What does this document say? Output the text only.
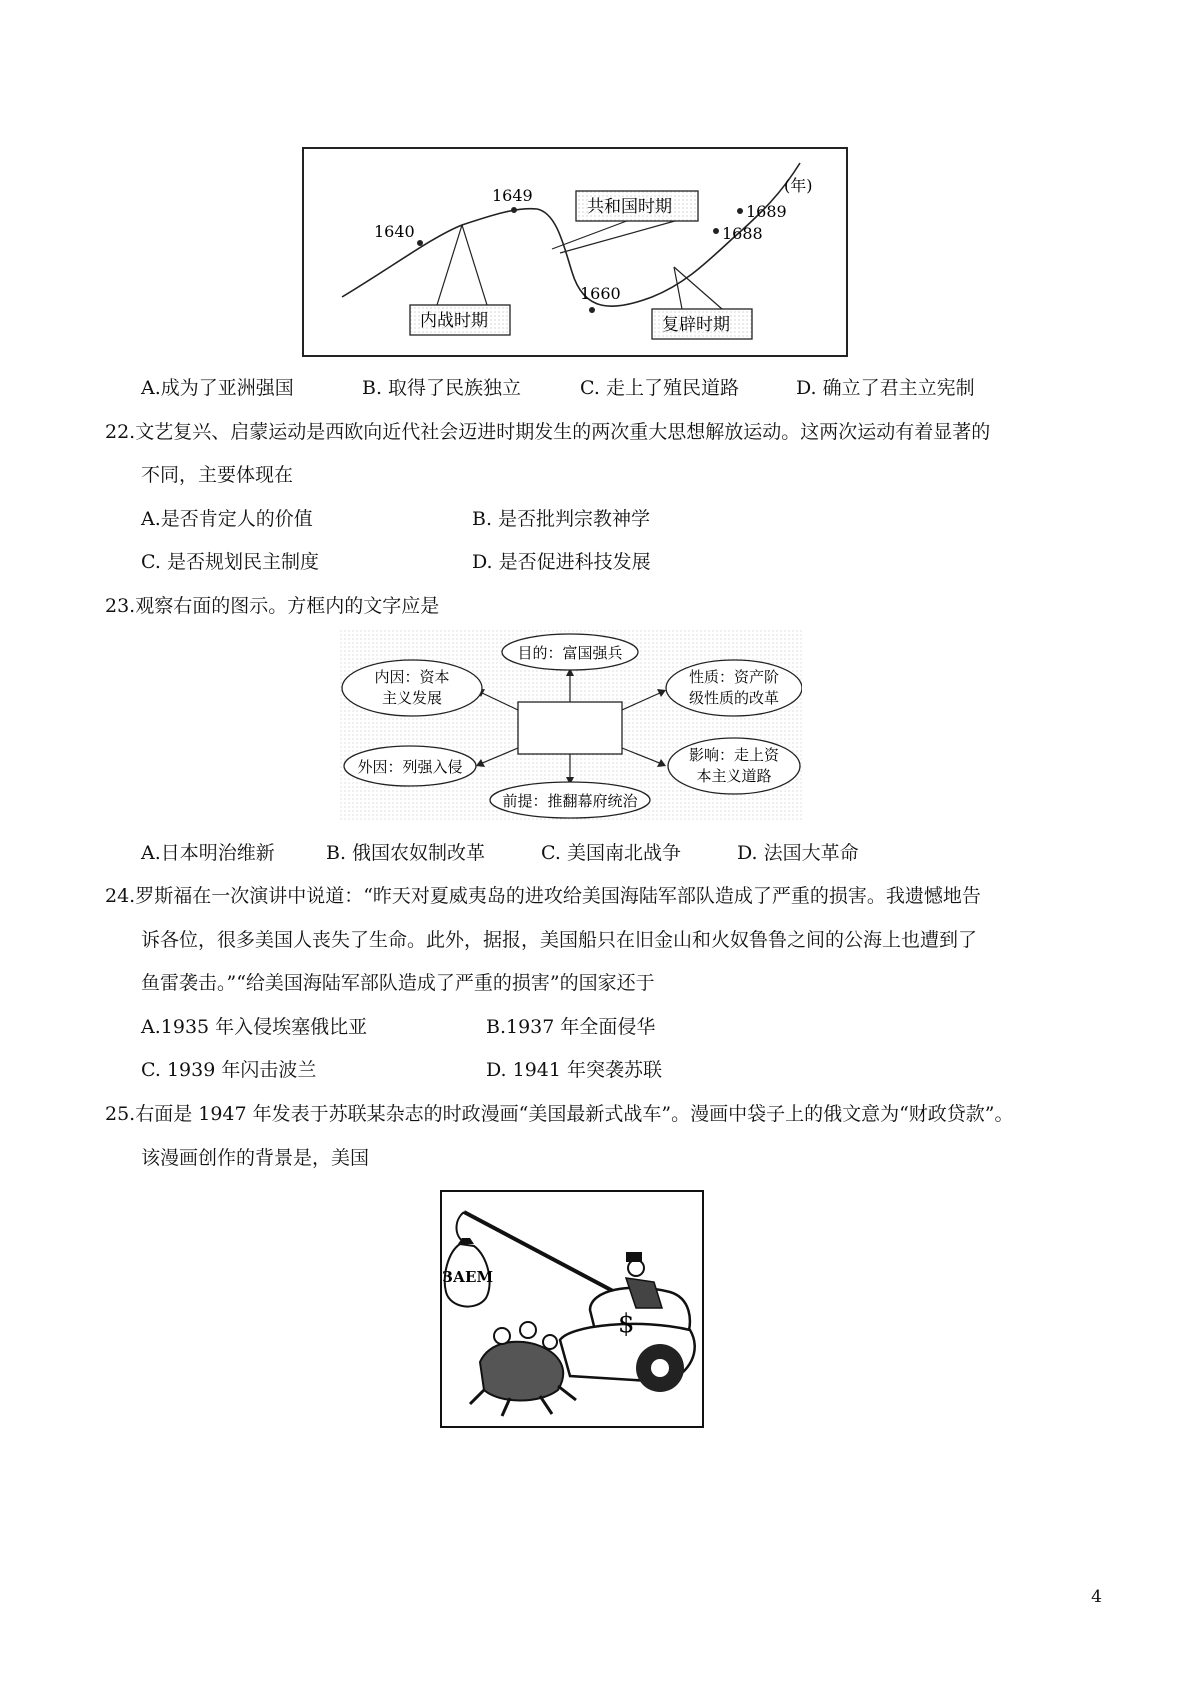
1640
1649
1660
1688
1689
(年)
共和国时期
内战时期	复辟时期
A.成为了亚洲强国	B. 取得了民族独立	C. 走上了殖民道路	D. 确立了君主立宪制
22.文艺复兴、启蒙运动是西欧向近代社会迈进时期发生的两次重大思想解放运动。这两次运动有着显著的
不同，主要体现在
A.是否肯定人的价值	B. 是否批判宗教神学
C. 是否规划民主制度	D. 是否促进科技发展
23.观察右面的图示。方框内的文字应是
目的：富国强兵
内因：资本
主义发展
性质：资产阶
级性质的改革
外因：列强入侵
影响：走上资
本主义道路
前提：推翻幕府统治
A.日本明治维新	B. 俄国农奴制改革	C. 美国南北战争	D. 法国大革命
24.罗斯福在一次演讲中说道：“昨天对夏威夷岛的进攻给美国海陆军部队造成了严重的损害。我遗憾地告
诉各位，很多美国人丧失了生命。此外，据报，美国船只在旧金山和火奴鲁鲁之间的公海上也遭到了
鱼雷袭击。”“给美国海陆军部队造成了严重的损害”的国家还于
A.1935 年入侵埃塞俄比亚	B.1937 年全面侵华
C. 1939 年闪击波兰	D. 1941 年突袭苏联
25.右面是 1947 年发表于苏联某杂志的时政漫画“美国最新式战车”。漫画中袋子上的俄文意为“财政贷款”。
该漫画创作的背景是，美国
ЗАЕМ
$
4
